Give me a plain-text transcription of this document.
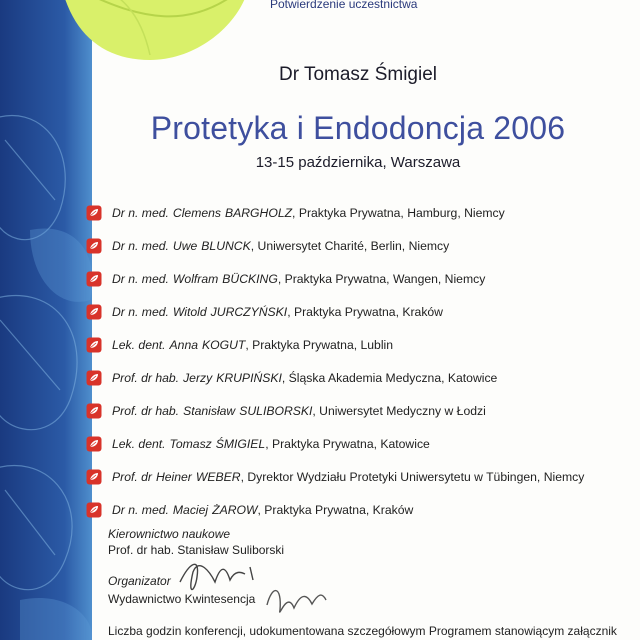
Potwierdzenie uczestnictwa
Dr Tomasz Śmigiel
Protetyka i Endodoncja 2006
13-15 października, Warszawa
Dr n. med. Clemens BARGHOLZ , Praktyka Prywatna, Hamburg, Niemcy
Dr n. med. Uwe BLUNCK , Uniwersytet Charité, Berlin, Niemcy
Dr n. med. Wolfram BÜCKING , Praktyka Prywatna, Wangen, Niemcy
Dr n. med. Witold JURCZYŃSKI , Praktyka Prywatna, Kraków
Lek. dent. Anna KOGUT , Praktyka Prywatna, Lublin
Prof. dr hab. Jerzy KRUPIŃSKI , Śląska Akademia Medyczna, Katowice
Prof. dr hab. Stanisław SULIBORSKI , Uniwersytet Medyczny w Łodzi
Lek. dent. Tomasz ŚMIGIEL , Praktyka Prywatna, Katowice
Prof. dr Heiner WEBER , Dyrektor Wydziału Protetyki Uniwersytetu w Tübingen, Niemcy
Dr n. med. Maciej ŻAROW , Praktyka Prywatna, Kraków
Kierownictwo naukowe
Prof. dr hab. Stanisław Suliborski
Organizator
Wydawnictwo Kwintesencja
Liczba godzin konferencji, udokumentowana szczegółowym Programem stanowiącym załącznik
